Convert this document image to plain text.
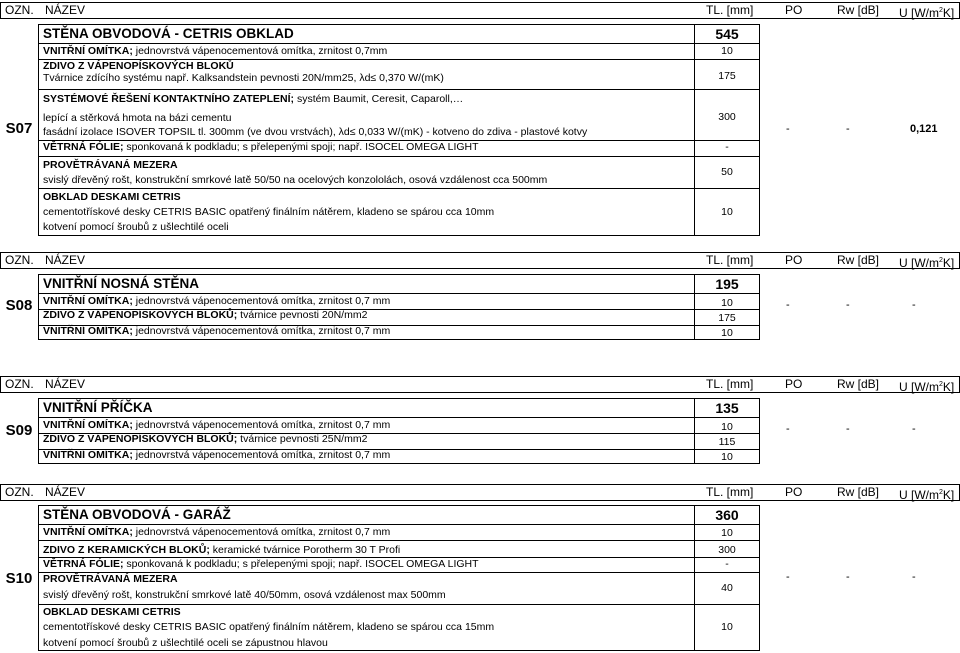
OZN. NÁZEV	TL. [mm]	PO	Rw [dB] U $[W/m^2K]$
S07
STĚNA OBVODOVÁ - CETRIS OBKLAD	545
VNITŘNÍ OMÍTKA; jednovrstvá vápenocementová omítka, zrnitost 0,7mm	10
ZDIVO Z VÁPENOPÍSKOVÝCH BLOKŮ
Tvárnice zdícího systému např. Kalksandstein pevnosti 20N/mm25, λd≤ 0,370 W/(mK)	175
SYSTÉMOVÉ ŘEŠENÍ KONTAKTNÍHO ZATEPLENÍ; systém Baumit, Ceresit, Caparoll,…
lepící a stěrková hmota na bázi cementu
fasádní izolace ISOVER TOPSIL tl. 300mm (ve dvou vrstvách), λd≤ 0,033 W/(mK) - kotveno do zdiva - plastové kotvy
300
VĚTRNÁ FÓLIE; sponkovaná k podkladu; s přelepenými spoji; např. ISOCEL OMEGA LIGHT	-
PROVĚTRÁVANÁ MEZERA
svislý dřevěný rošt, konstrukční smrkové latě 50/50 na ocelových konzololách, osová vzdálenost cca 500mm
50
OBKLAD DESKAMI CETRIS
cementotřískové desky CETRIS BASIC opatřený finálním nátěrem, kladeno se spárou cca 10mm
kotvení pomocí šroubů z ušlechtilé oceli
10
-	-	0,121
OZN. NÁZEV	TL. [mm]	PO	Rw [dB] U $[W/m^2K]$
S08
VNITŘNÍ NOSNÁ STĚNA	195
VNITŘNÍ OMÍTKA; jednovrstvá vápenocementová omítka, zrnitost 0,7 mm	10
ZDIVO Z VÁPENOPÍSKOVÝCH BLOKŮ; tvárnice pevnosti 20N/mm2	175
VNITŘNÍ OMÍTKA; jednovrstvá vápenocementová omítka, zrnitost 0,7 mm	10
-	-	-
OZN. NÁZEV	TL. [mm]	PO	Rw [dB] U $[W/m^2K]$
S09
VNITŘNÍ PŘÍČKA	135
VNITŘNÍ OMÍTKA; jednovrstvá vápenocementová omítka, zrnitost 0,7 mm	10
ZDIVO Z VÁPENOPÍSKOVÝCH BLOKŮ; tvárnice pevnosti 25N/mm2	115
VNITŘNÍ OMÍTKA; jednovrstvá vápenocementová omítka, zrnitost 0,7 mm	10
-	-	-
OZN. NÁZEV	TL. [mm]	PO	Rw [dB] U $[W/m^2K]$
S10
STĚNA OBVODOVÁ - GARÁŽ	360
VNITŘNÍ OMÍTKA; jednovrstvá vápenocementová omítka, zrnitost 0,7 mm	10
ZDIVO Z KERAMICKÝCH BLOKŮ; keramické tvárnice Porotherm 30 T Profi	300
VĚTRNÁ FÓLIE; sponkovaná k podkladu; s přelepenými spoji; např. ISOCEL OMEGA LIGHT	-
PROVĚTRÁVANÁ MEZERA
svislý dřevěný rošt, konstrukční smrkové latě 40/50mm, osová vzdálenost max 500mm
40
OBKLAD DESKAMI CETRIS
cementotřískové desky CETRIS BASIC opatřený finálním nátěrem, kladeno se spárou cca 15mm
kotvení pomocí šroubů z ušlechtilé oceli se zápustnou hlavou
10
-	-	-
